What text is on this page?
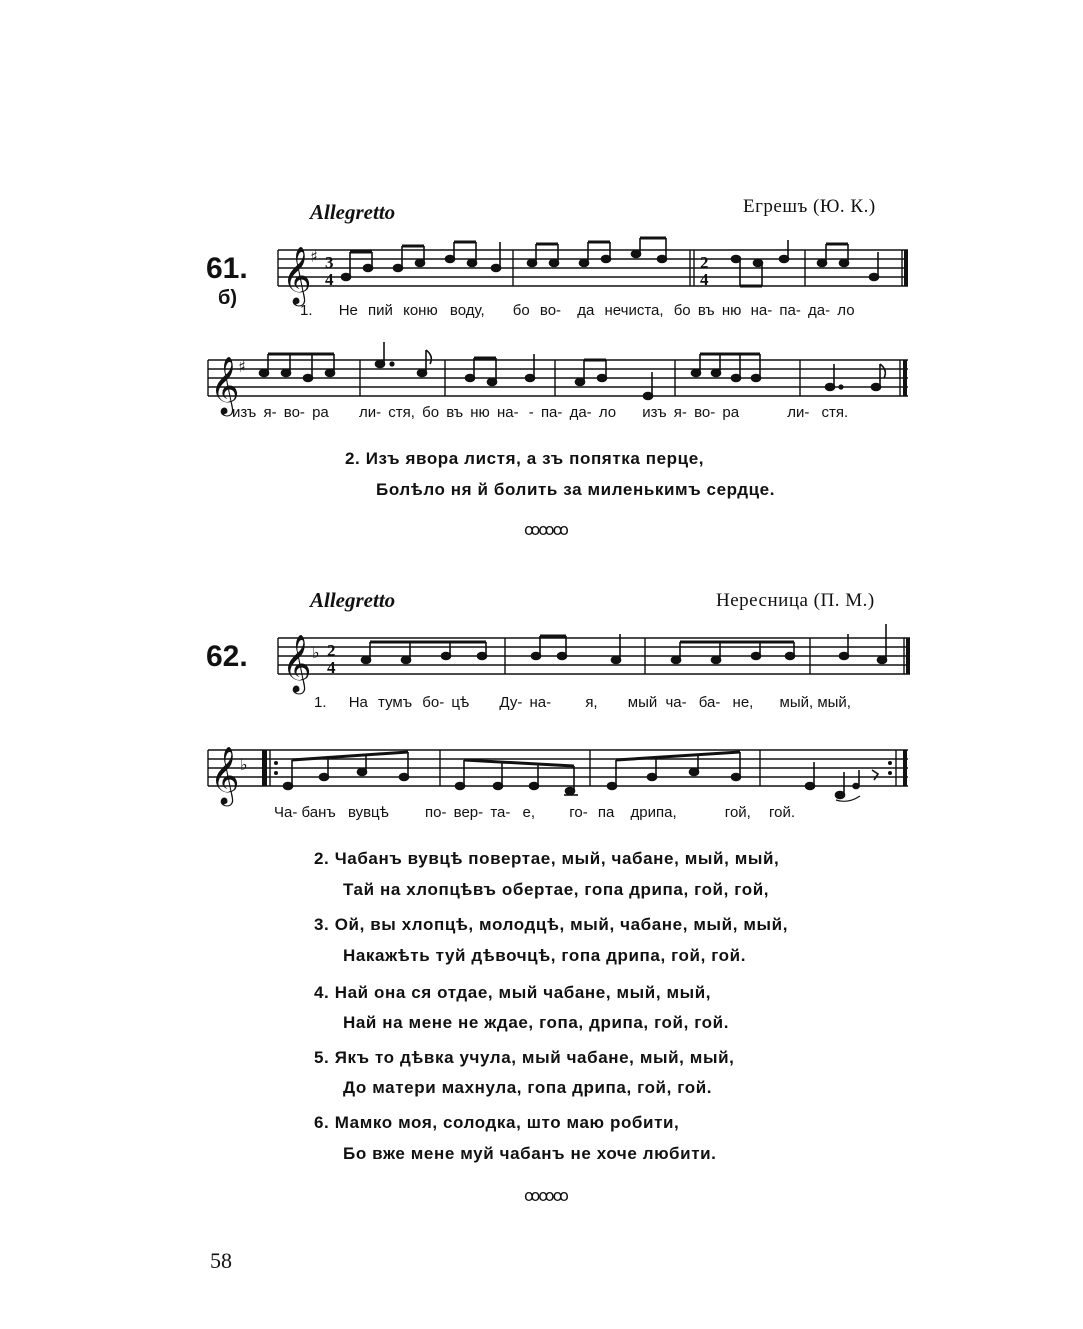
Allegretto	Егрешъ (Ю. К.)
61.
б) 𝄞
♯ 3
4
2
4
1. Не пий коню воду, бо во- да нечиста, бо въ ню на- па- да- ло
𝄞
♯
изъ я- во- ра ли- стя, бо въ ню на- - па- да- ло изъ я- во- ра	ли- стя.
2. Изъ явора листя, а зъ попятка перце,
Болѣло ня й болить за миленькимъ сердце.
ꝏꝏꝏ
Allegretto	Нересница (П. М.)
62. 𝄞 ♭ 2
4
1. На тумъ бо- цѣ Ду- на- я, мый ча- ба- не, мый, мый,
𝄞 ♭
Ча- банъ вувцѣ по- вер- та- е, го- па дрипа,	гой, гой.
2. Чабанъ вувцѣ повертае, мый, чабане, мый, мый,
Тай на хлопцѣвъ обертае, гопа дрипа, гой, гой,
3. Ой, вы хлопцѣ, молодцѣ, мый, чабане, мый, мый,
Накажѣть туй дѣвочцѣ, гопа дрипа, гой, гой.
4. Най она ся отдае, мый чабане, мый, мый,
Най на мене не ждае, гопа, дрипа, гой, гой.
5. Якъ то дѣвка учула, мый чабане, мый, мый,
До матери махнула, гопа дрипа, гой, гой.
6. Мамко моя, солодка, што маю робити,
Бо вже мене муй чабанъ не хоче любити.
ꝏꝏꝏ
58
